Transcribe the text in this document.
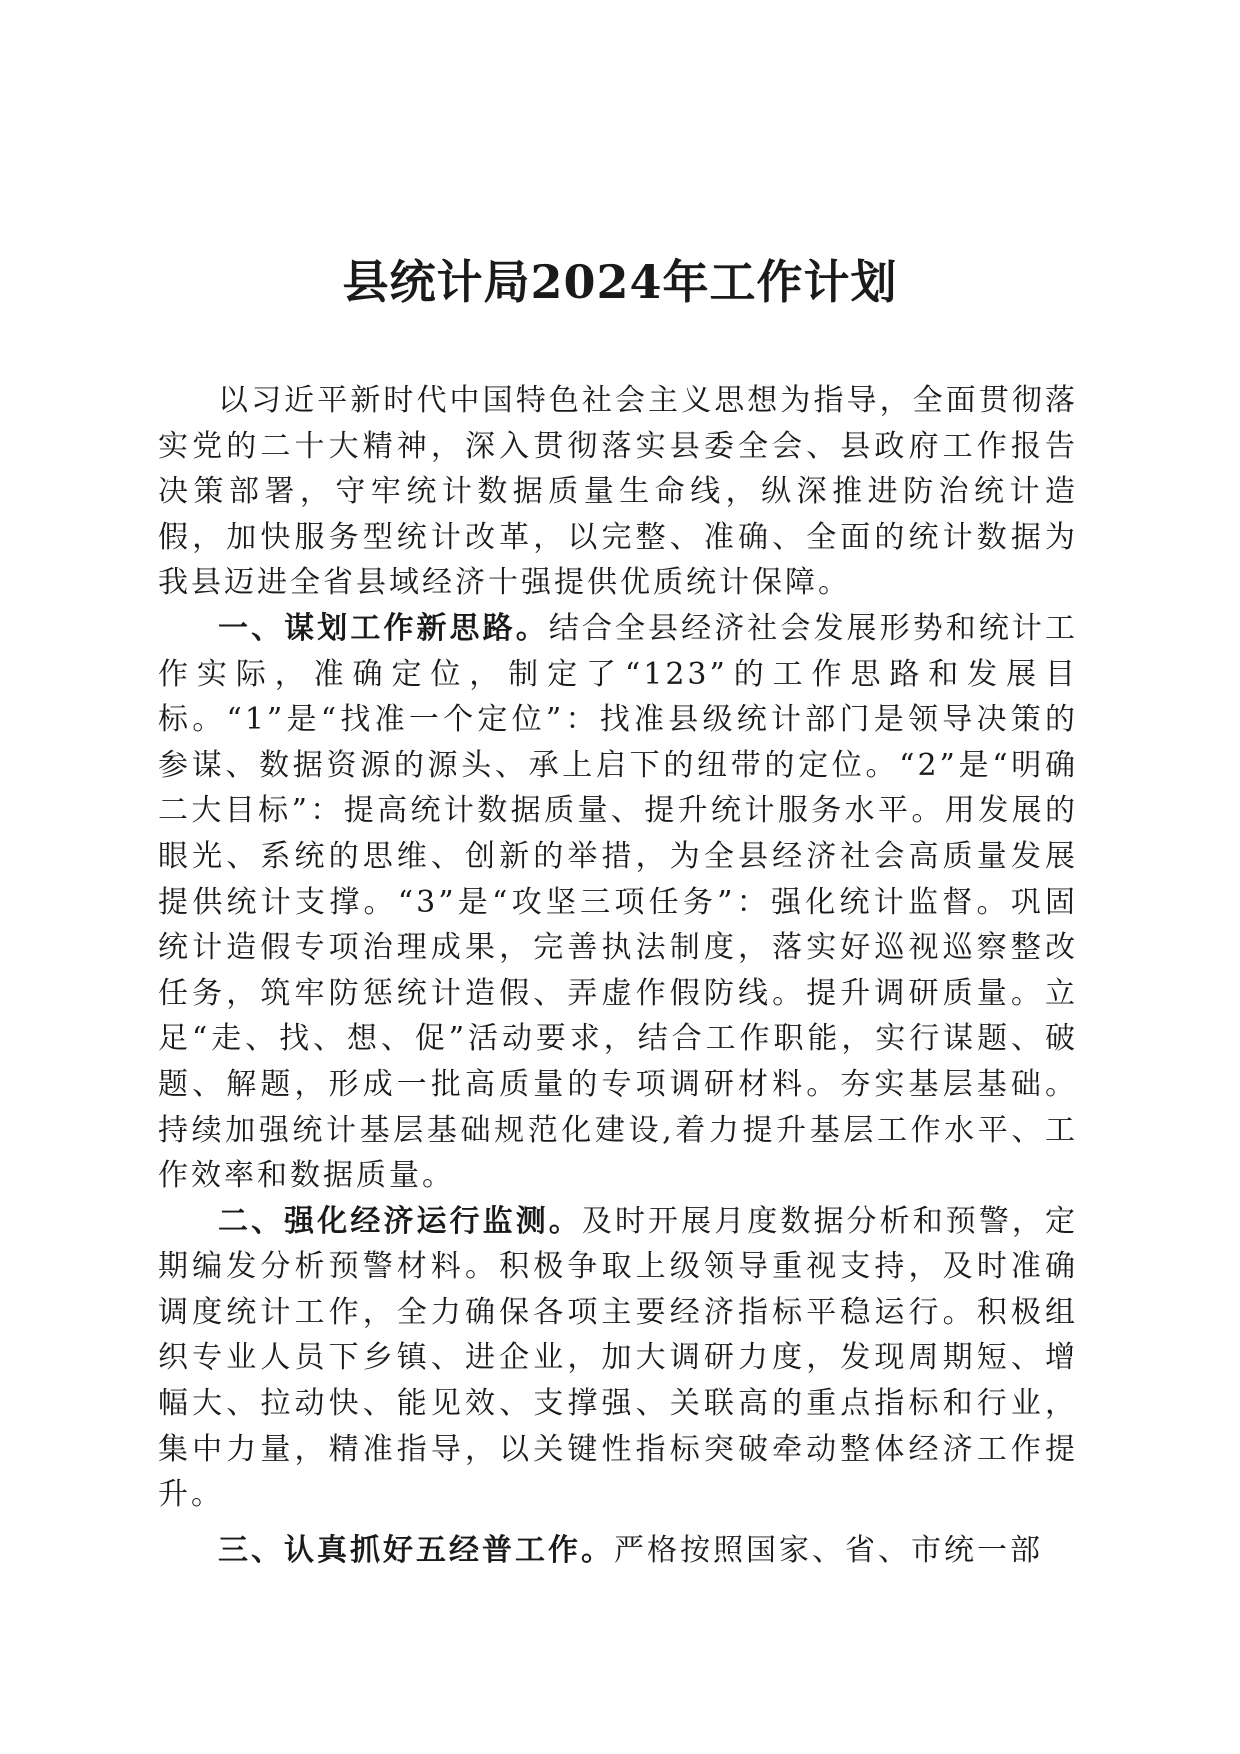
县统计局2024年工作计划

以习近平新时代中国特色社会主义思想为指导，全面贯彻落实党的二十大精神，深入贯彻落实县委全会、县政府工作报告决策部署，守牢统计数据质量生命线，纵深推进防治统计造假，加快服务型统计改革，以完整、准确、全面的统计数据为我县迈进全省县域经济十强提供优质统计保障。

一、谋划工作新思路。结合全县经济社会发展形势和统计工作实际，准确定位，制定了“123”的工作思路和发展目标。“1”是“找准一个定位”：找准县级统计部门是领导决策的参谋、数据资源的源头、承上启下的纽带的定位。“2”是“明确二大目标”：提高统计数据质量、提升统计服务水平。用发展的眼光、系统的思维、创新的举措，为全县经济社会高质量发展提供统计支撑。“3”是“攻坚三项任务”：强化统计监督。巩固统计造假专项治理成果，完善执法制度，落实好巡视巡察整改任务，筑牢防惩统计造假、弄虚作假防线。提升调研质量。立足“走、找、想、促”活动要求，结合工作职能，实行谋题、破题、解题，形成一批高质量的专项调研材料。夯实基层基础。持续加强统计基层基础规范化建设,着力提升基层工作水平、工作效率和数据质量。

二、强化经济运行监测。及时开展月度数据分析和预警，定期编发分析预警材料。积极争取上级领导重视支持，及时准确调度统计工作，全力确保各项主要经济指标平稳运行。积极组织专业人员下乡镇、进企业，加大调研力度，发现周期短、增幅大、拉动快、能见效、支撑强、关联高的重点指标和行业，集中力量，精准指导，以关键性指标突破牵动整体经济工作提升。

三、认真抓好五经普工作。严格按照国家、省、市统一部
